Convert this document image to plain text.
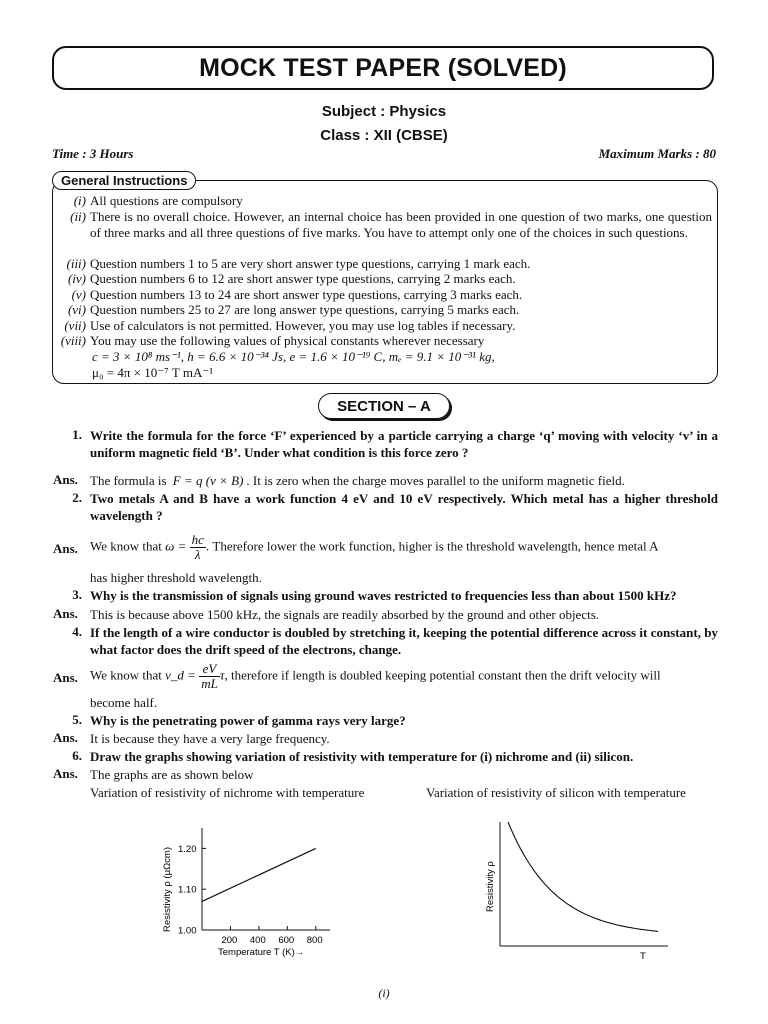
MOCK TEST PAPER (SOLVED)
Subject : Physics
Class : XII (CBSE)
Time : 3 Hours	Maximum Marks : 80
General Instructions
(i) All questions are compulsory
(ii) There is no overall choice. However, an internal choice has been provided in one question of two marks, one question of three marks and all three questions of five marks. You have to attempt only one of the choices in such questions.
(iii) Question numbers 1 to 5 are very short answer type questions, carrying 1 mark each.
(iv) Question numbers 6 to 12 are short answer type questions, carrying 2 marks each.
(v) Question numbers 13 to 24 are short answer type questions, carrying 3 marks each.
(vi) Question numbers 25 to 27 are long answer type questions, carrying 5 marks each.
(vii) Use of calculators is not permitted. However, you may use log tables if necessary.
(viii) You may use the following values of physical constants wherever necessary
c = 3 × 10⁸ ms⁻¹, h = 6.6 × 10⁻³⁴ Js, e = 1.6 × 10⁻¹⁹ C, mₑ = 9.1 × 10⁻³¹ kg,
μ₀ = 4π × 10⁻⁷ T mA⁻¹
SECTION – A
1. Write the formula for the force ‘F’ experienced by a particle carrying a charge ‘q’ moving with velocity ‘v’ in a uniform magnetic field ‘B’. Under what condition is this force zero ?
Ans. The formula is F = q (v × B) . It is zero when the charge moves parallel to the uniform magnetic field.
2. Two metals A and B have a work function 4 eV and 10 eV respectively. Which metal has a higher threshold wavelength ?
Ans. We know that $\omega = \frac{hc}{\lambda}$ . Therefore lower the work function, higher is the threshold wavelength, hence metal A
has higher threshold wavelength.
3. Why is the transmission of signals using ground waves restricted to frequencies less than about 1500 kHz?
Ans. This is because above 1500 kHz, the signals are readily absorbed by the ground and other objects.
4. If the length of a wire conductor is doubled by stretching it, keeping the potential difference across it constant, by what factor does the drift speed of the electrons, change.
Ans. We know that v_d = $\frac{eV}{mL} \tau$, therefore if length is doubled keeping potential constant then the drift velocity will
become half.
5. Why is the penetrating power of gamma rays very large?
Ans. It is because they have a very large frequency.
6. Draw the graphs showing variation of resistivity with temperature for (i) nichrome and (ii) silicon.
Ans. The graphs are as shown below
Variation of resistivity of nichrome with temperature	Variation of resistivity of silicon with temperature
1.00
1.10
1.20
200 400 600 800
Temperature T (K)→
Resistivity ρ (μΩcm)
T
Resistivity ρ
(i)
